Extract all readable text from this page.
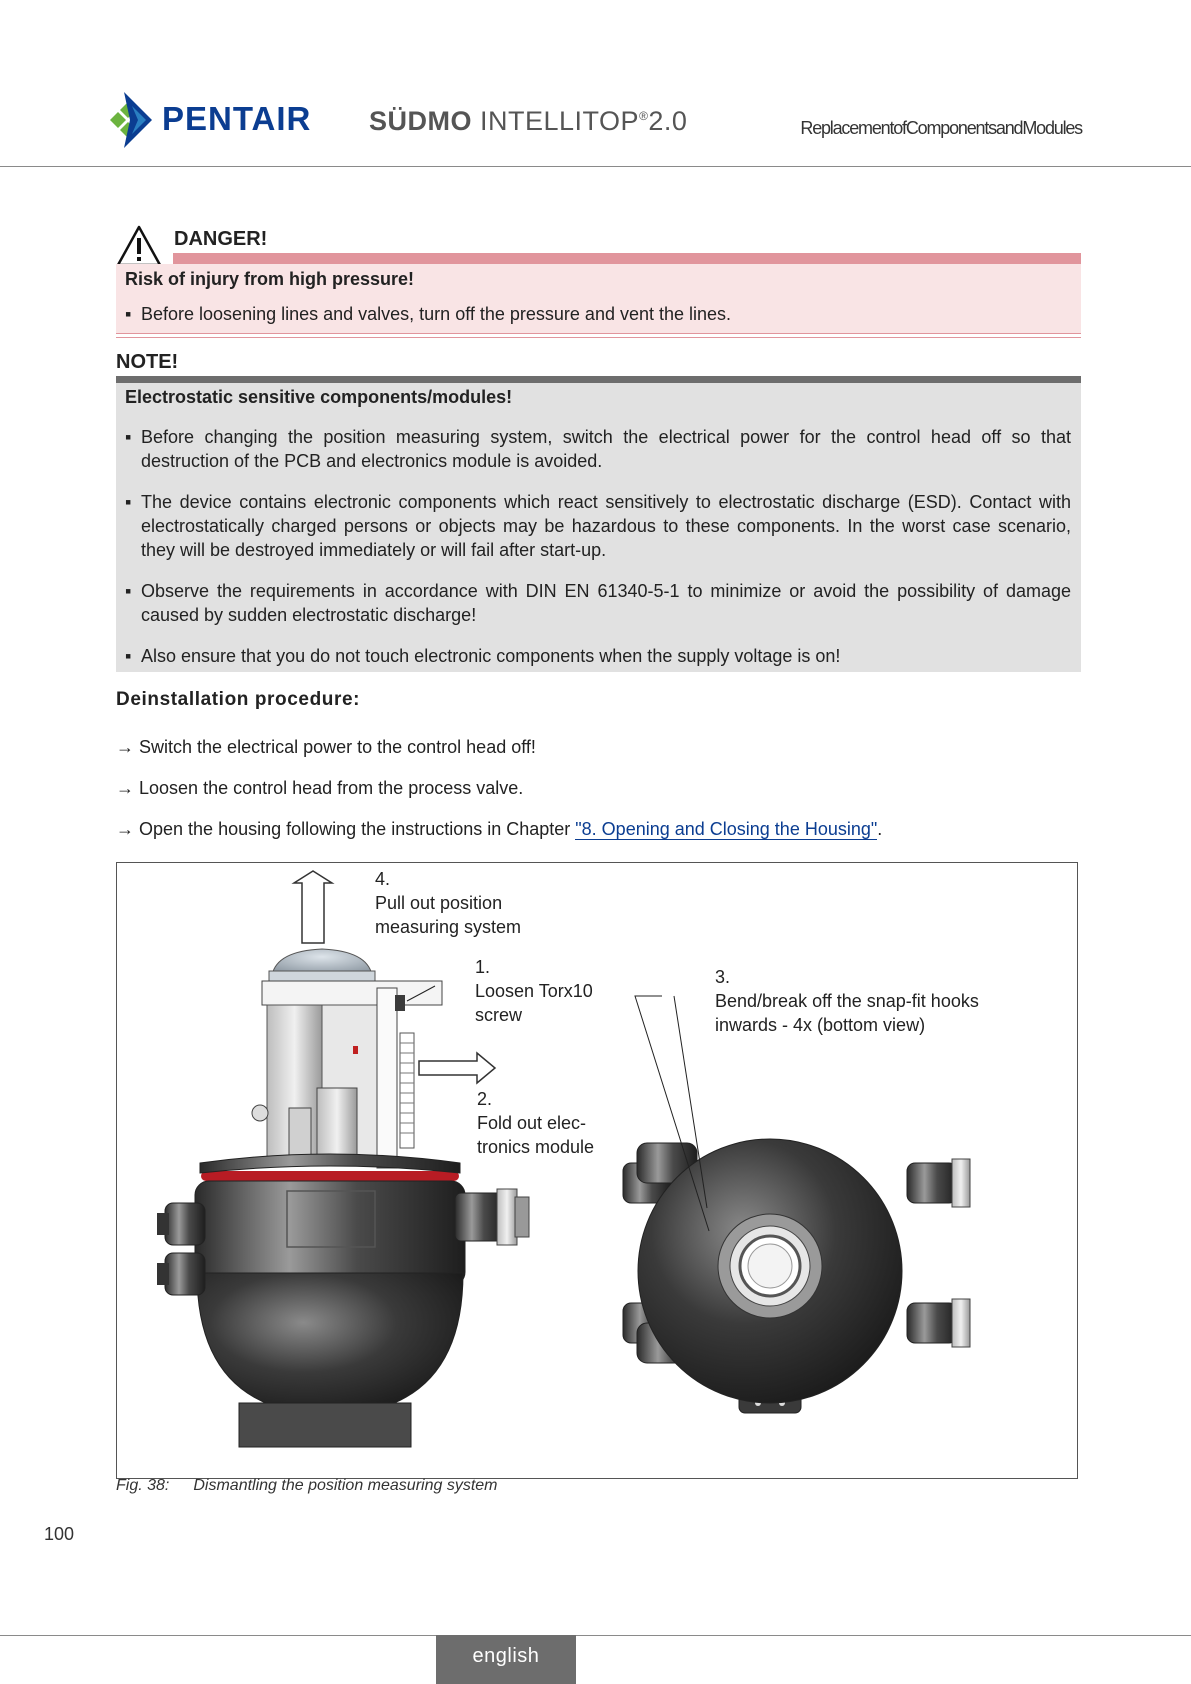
PENTAIR SÜDMO INTELLITOP®2.0	ReplacementofComponentsandModules
DANGER!
Risk of injury from high pressure!
▪ Before loosening lines and valves, turn off the pressure and vent the lines.
NOTE!
Electrostatic sensitive components/modules!
▪ Before changing the position measuring system, switch the electrical power for the control head off so that destruction of the PCB and electronics module is avoided.
▪ The device contains electronic components which react sensitively to electrostatic discharge (ESD). Contact with electrostatically charged persons or objects may be hazardous to these components. In the worst case scenario, they will be destroyed immediately or will fail after start-up.
▪ Observe the requirements in accordance with DIN EN 61340-5-1 to minimize or avoid the possibility of damage caused by sudden electrostatic discharge!
▪ Also ensure that you do not touch electronic components when the supply voltage is on!
Deinstallation procedure:
→ Switch the electrical power to the control head off!
→ Loosen the control head from the process valve.
→ Open the housing following the instructions in Chapter "8. Opening and Closing the Housing".
4.
Pull out position
measuring system
1.
Loosen Torx10
screw
2.
Fold out elec-
tronics module
3.
Bend/break off the snap-fit hooks
inwards - 4x (bottom view)
Fig. 38: Dismantling the position measuring system
100
english
